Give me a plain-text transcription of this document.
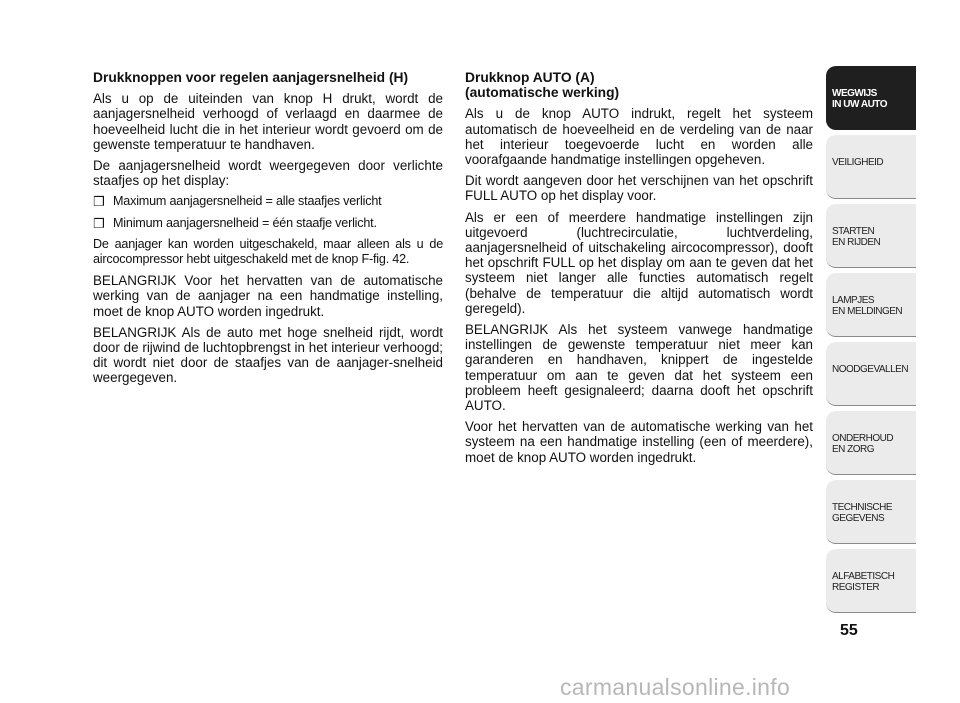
Drukknoppen voor regelen aanjagersnelheid (H)

Als u op de uiteinden van knop H drukt, wordt de aanjagersnelheid verhoogd of verlaagd en daarmee de hoeveelheid lucht die in het interieur wordt gevoerd om de gewenste temperatuur te handhaven.

De aanjagersnelheid wordt weergegeven door verlichte staafjes op het display:

❒ Maximum aanjagersnelheid = alle staafjes verlicht
❒ Minimum aanjagersnelheid = één staafje verlicht.

De aanjager kan worden uitgeschakeld, maar alleen als u de aircocompressor hebt uitgeschakeld met de knop F-fig. 42.

BELANGRIJK Voor het hervatten van de automatische werking van de aanjager na een handmatige instelling, moet de knop AUTO worden ingedrukt.

BELANGRIJK Als de auto met hoge snelheid rijdt, wordt door de rijwind de luchtopbrengst in het interieur verhoogd; dit wordt niet door de staafjes van de aanjager-snelheid weergegeven.

Drukknop AUTO (A)
(automatische werking)

Als u de knop AUTO indrukt, regelt het systeem automatisch de hoeveelheid en de verdeling van de naar het interieur toegevoerde lucht en worden alle voorafgaande handmatige instellingen opgeheven.

Dit wordt aangeven door het verschijnen van het opschrift FULL AUTO op het display voor.

Als er een of meerdere handmatige instellingen zijn uitgevoerd (luchtrecirculatie, luchtverdeling, aanjagersnelheid of uitschakeling aircocompressor), dooft het opschrift FULL op het display om aan te geven dat het systeem niet langer alle functies automatisch regelt (behalve de temperatuur die altijd automatisch wordt geregeld).

BELANGRIJK Als het systeem vanwege handmatige instellingen de gewenste temperatuur niet meer kan garanderen en handhaven, knippert de ingestelde temperatuur om aan te geven dat het systeem een probleem heeft gesignaleerd; daarna dooft het opschrift AUTO.

Voor het hervatten van de automatische werking van het systeem na een handmatige instelling (een of meerdere), moet de knop AUTO worden ingedrukt.

WEGWIJS
IN UW AUTO
VEILIGHEID
STARTEN
EN RIJDEN
LAMPJES
EN MELDINGEN
NOODGEVALLEN
ONDERHOUD
EN ZORG
TECHNISCHE
GEGEVENS
ALFABETISCH
REGISTER
55
carmanualsonline.info
